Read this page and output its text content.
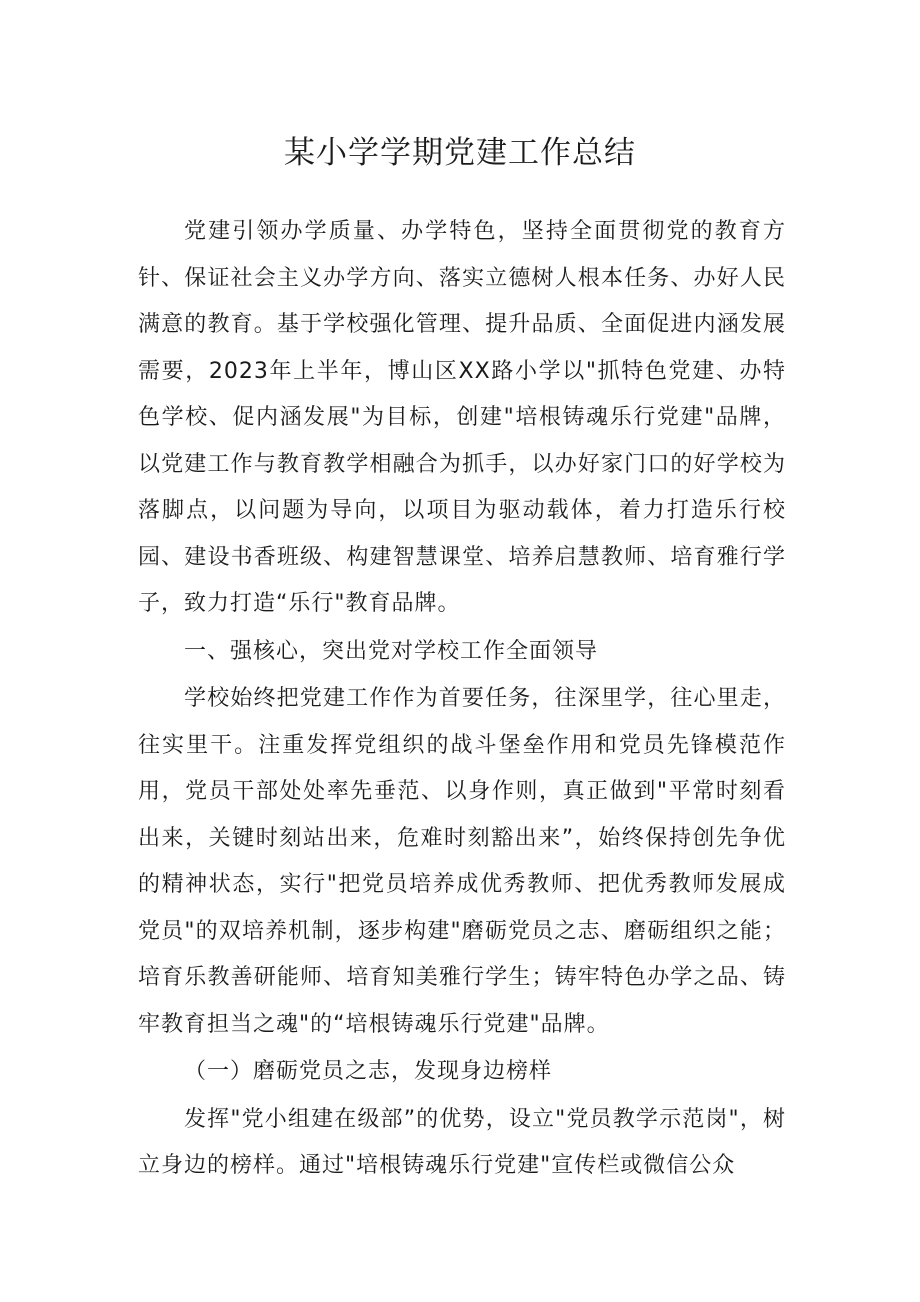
某小学学期党建工作总结

党建引领办学质量、办学特色，坚持全面贯彻党的教育方针、保证社会主义办学方向、落实立德树人根本任务、办好人民满意的教育。基于学校强化管理、提升品质、全面促进内涵发展需要，2023年上半年，博山区XX路小学以"抓特色党建、办特色学校、促内涵发展"为目标，创建"培根铸魂乐行党建"品牌，以党建工作与教育教学相融合为抓手，以办好家门口的好学校为落脚点，以问题为导向，以项目为驱动载体，着力打造乐行校园、建设书香班级、构建智慧课堂、培养启慧教师、培育雅行学子，致力打造“乐行"教育品牌。

一、强核心，突出党对学校工作全面领导

学校始终把党建工作作为首要任务，往深里学，往心里走，往实里干。注重发挥党组织的战斗堡垒作用和党员先锋模范作用，党员干部处处率先垂范、以身作则，真正做到"平常时刻看出来，关键时刻站出来，危难时刻豁出来”，始终保持创先争优的精神状态，实行"把党员培养成优秀教师、把优秀教师发展成党员"的双培养机制，逐步构建"磨砺党员之志、磨砺组织之能；培育乐教善研能师、培育知美雅行学生；铸牢特色办学之品、铸牢教育担当之魂"的“培根铸魂乐行党建"品牌。

（一）磨砺党员之志，发现身边榜样

发挥"党小组建在级部”的优势，设立"党员教学示范岗"，树立身边的榜样。通过"培根铸魂乐行党建"宣传栏或微信公众
